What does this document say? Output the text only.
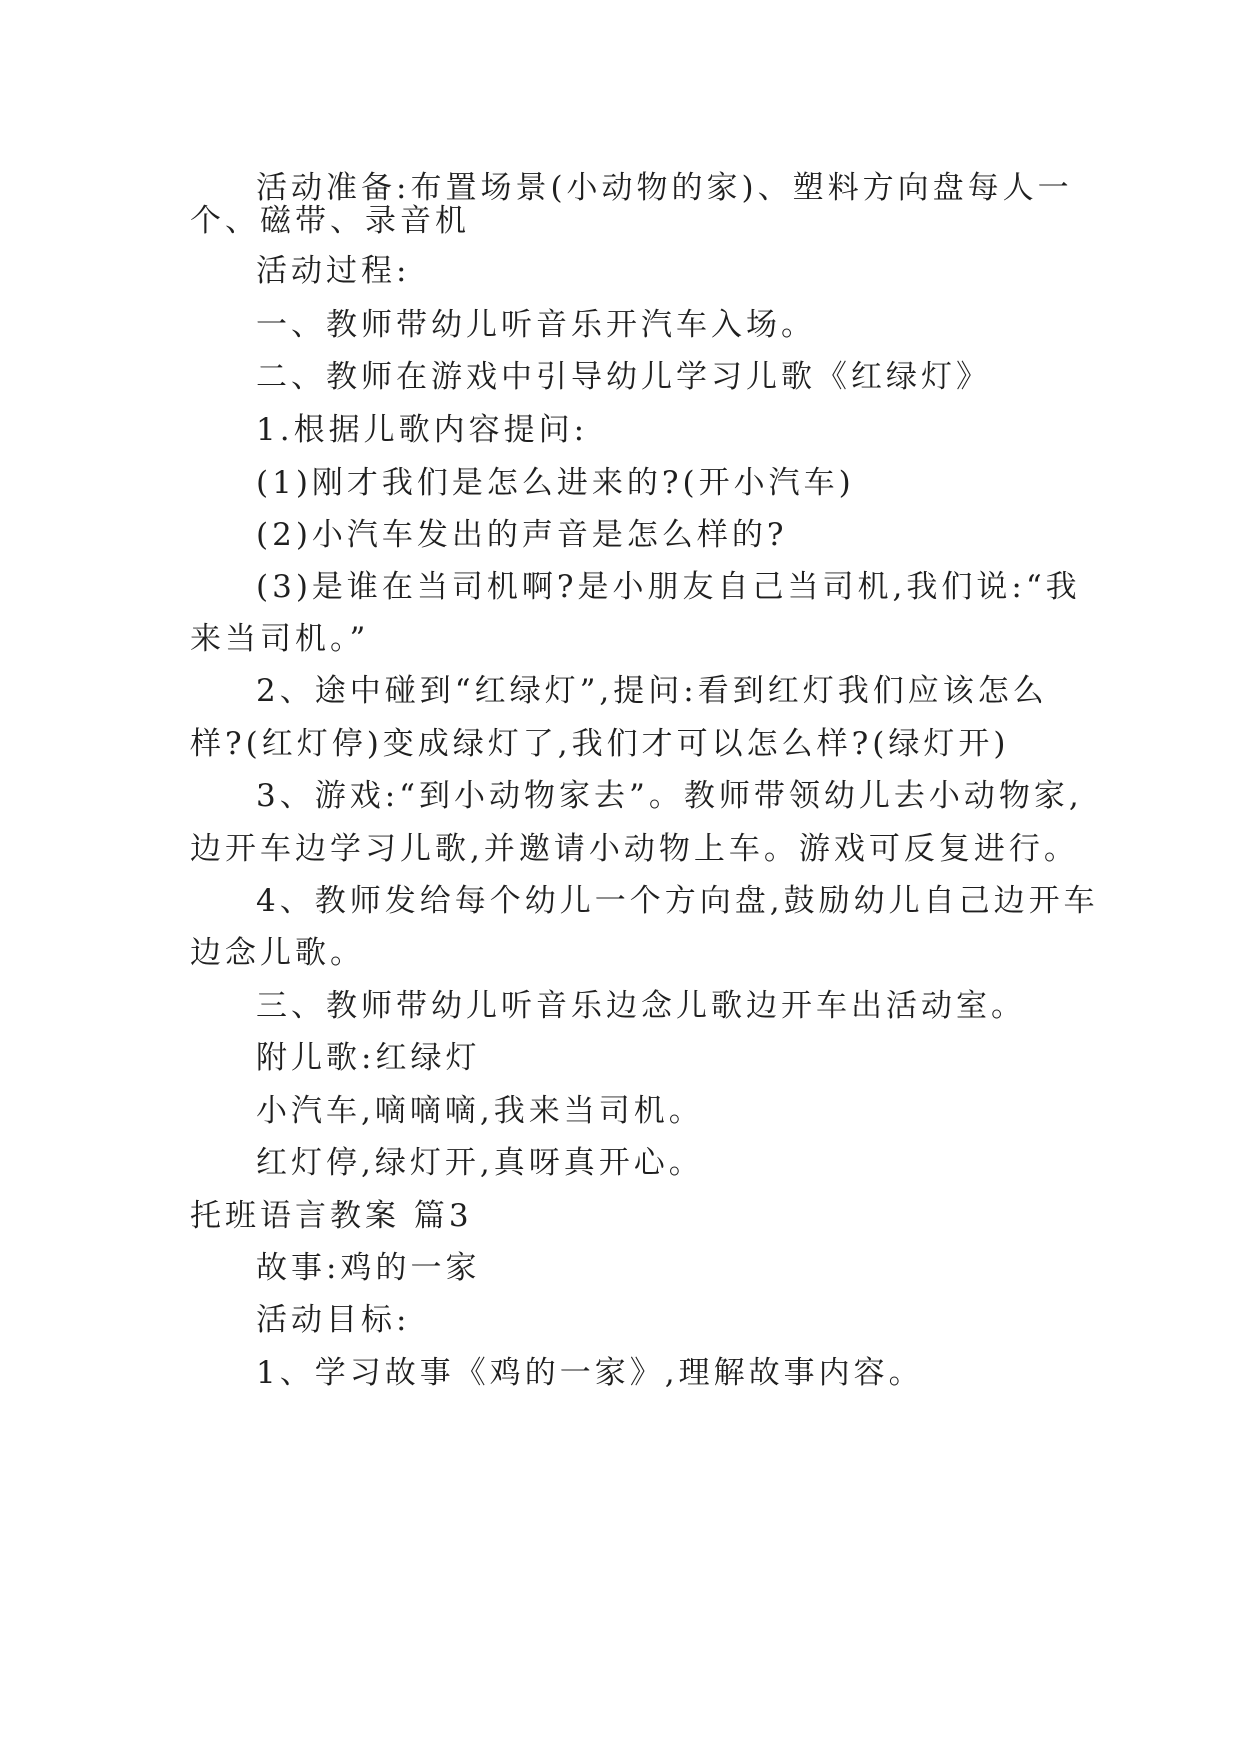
活动准备:布置场景(小动物的家)、塑料方向盘每人一
个、磁带、录音机
活动过程:
一、教师带幼儿听音乐开汽车入场。
二、教师在游戏中引导幼儿学习儿歌《红绿灯》
1.根据儿歌内容提问:
(1)刚才我们是怎么进来的?(开小汽车)
(2)小汽车发出的声音是怎么样的?
(3)是谁在当司机啊?是小朋友自己当司机,我们说:“我
来当司机。”
2、途中碰到“红绿灯”,提问:看到红灯我们应该怎么
样?(红灯停)变成绿灯了,我们才可以怎么样?(绿灯开)
3、游戏:“到小动物家去”。教师带领幼儿去小动物家,
边开车边学习儿歌,并邀请小动物上车。游戏可反复进行。
4、教师发给每个幼儿一个方向盘,鼓励幼儿自己边开车
边念儿歌。
三、教师带幼儿听音乐边念儿歌边开车出活动室。
附儿歌:红绿灯
小汽车,嘀嘀嘀,我来当司机。
红灯停,绿灯开,真呀真开心。
托班语言教案 篇3
故事:鸡的一家
活动目标:
1、学习故事《鸡的一家》,理解故事内容。
